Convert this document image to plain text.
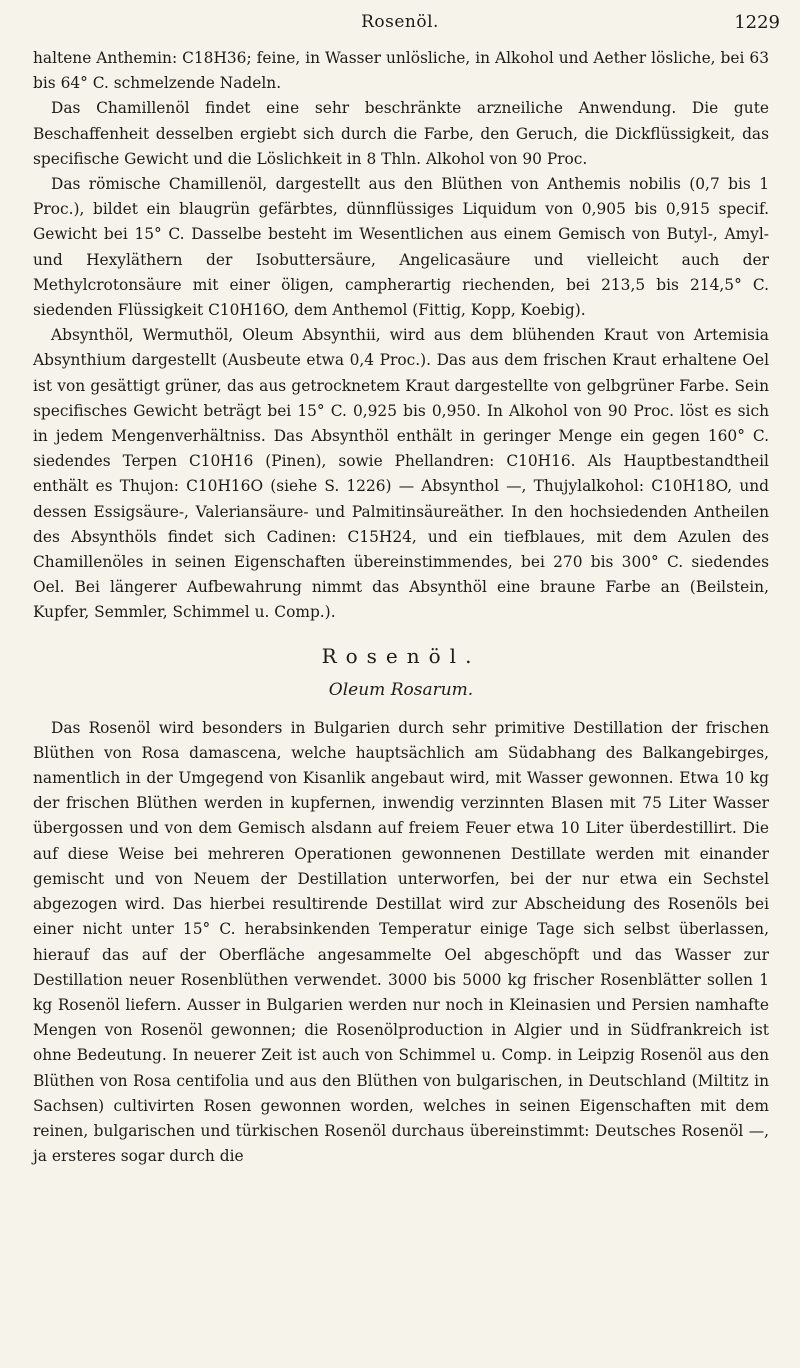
Rosenöl.	1229

haltene Anthemin: C18H36; feine, in Wasser unlösliche, in Alkohol und Aether lösliche, bei 63 bis 64° C. schmelzende Nadeln.

Das Chamillenöl findet eine sehr beschränkte arzneiliche Anwendung. Die gute Beschaffenheit desselben ergiebt sich durch die Farbe, den Geruch, die Dickflüssigkeit, das specifische Gewicht und die Löslichkeit in 8 Thln. Alkohol von 90 Proc.

Das römische Chamillenöl, dargestellt aus den Blüthen von Anthemis nobilis (0,7 bis 1 Proc.), bildet ein blaugrün gefärbtes, dünnflüssiges Liquidum von 0,905 bis 0,915 specif. Gewicht bei 15° C. Dasselbe besteht im Wesentlichen aus einem Gemisch von Butyl-, Amyl- und Hexyläthern der Isobuttersäure, Angelicasäure und vielleicht auch der Methylcrotonsäure mit einer öligen, campherartig riechenden, bei 213,5 bis 214,5° C. siedenden Flüssigkeit C10H16O, dem Anthemol (Fittig, Kopp, Koebig).

Absynthöl, Wermuthöl, Oleum Absynthii, wird aus dem blühenden Kraut von Artemisia Absynthium dargestellt (Ausbeute etwa 0,4 Proc.). Das aus dem frischen Kraut erhaltene Oel ist von gesättigt grüner, das aus getrocknetem Kraut dargestellte von gelbgrüner Farbe. Sein specifisches Gewicht beträgt bei 15° C. 0,925 bis 0,950. In Alkohol von 90 Proc. löst es sich in jedem Mengenverhältniss. Das Absynthöl enthält in geringer Menge ein gegen 160° C. siedendes Terpen C10H16 (Pinen), sowie Phellandren: C10H16. Als Hauptbestandtheil enthält es Thujon: C10H16O (siehe S. 1226) — Absynthol —, Thujylalkohol: C10H18O, und dessen Essigsäure-, Valeriansäure- und Palmitinsäureäther. In den hochsiedenden Antheilen des Absynthöls findet sich Cadinen: C15H24, und ein tiefblaues, mit dem Azulen des Chamillenöles in seinen Eigenschaften übereinstimmendes, bei 270 bis 300° C. siedendes Oel. Bei längerer Aufbewahrung nimmt das Absynthöl eine braune Farbe an (Beilstein, Kupfer, Semmler, Schimmel u. Comp.).

Rosenöl.
Oleum Rosarum.

Das Rosenöl wird besonders in Bulgarien durch sehr primitive Destillation der frischen Blüthen von Rosa damascena, welche hauptsächlich am Südabhang des Balkangebirges, namentlich in der Umgegend von Kisanlik angebaut wird, mit Wasser gewonnen. Etwa 10 kg der frischen Blüthen werden in kupfernen, inwendig verzinnten Blasen mit 75 Liter Wasser übergossen und von dem Gemisch alsdann auf freiem Feuer etwa 10 Liter überdestillirt. Die auf diese Weise bei mehreren Operationen gewonnenen Destillate werden mit einander gemischt und von Neuem der Destillation unterworfen, bei der nur etwa ein Sechstel abgezogen wird. Das hierbei resultirende Destillat wird zur Abscheidung des Rosenöls bei einer nicht unter 15° C. herabsinkenden Temperatur einige Tage sich selbst überlassen, hierauf das auf der Oberfläche angesammelte Oel abgeschöpft und das Wasser zur Destillation neuer Rosenblüthen verwendet. 3000 bis 5000 kg frischer Rosenblätter sollen 1 kg Rosenöl liefern. Ausser in Bulgarien werden nur noch in Kleinasien und Persien namhafte Mengen von Rosenöl gewonnen; die Rosenölproduction in Algier und in Südfrankreich ist ohne Bedeutung. In neuerer Zeit ist auch von Schimmel u. Comp. in Leipzig Rosenöl aus den Blüthen von Rosa centifolia und aus den Blüthen von bulgarischen, in Deutschland (Miltitz in Sachsen) cultivirten Rosen gewonnen worden, welches in seinen Eigenschaften mit dem reinen, bulgarischen und türkischen Rosenöl durchaus übereinstimmt: Deutsches Rosenöl —, ja ersteres sogar durch die
